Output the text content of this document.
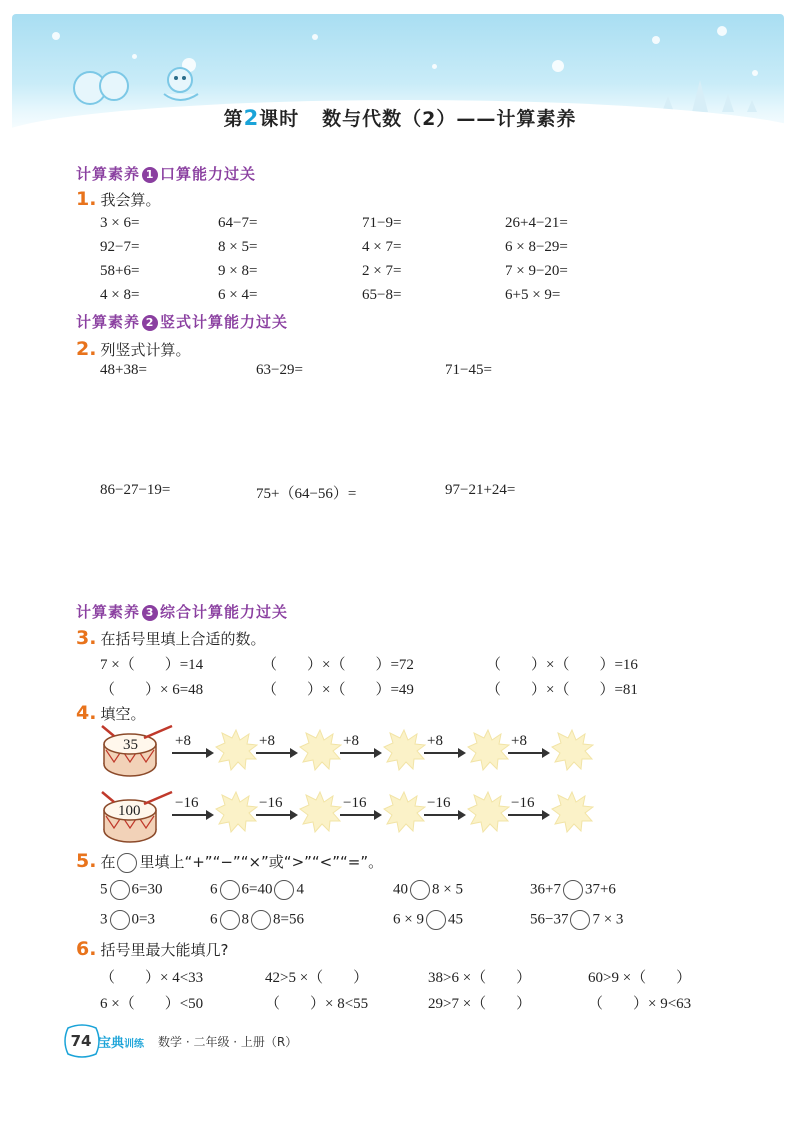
第2课时 数与代数（2）——计算素养
计算素养 1 口算能力过关
1. 我会算。
3 × 6=	64−7=	71−9=	26+4−21=
92−7=	8 × 5=	4 × 7=	6 × 8−29=
58+6=	9 × 8=	2 × 7=	7 × 9−20=
4 × 8=	6 × 4=	65−8=	6+5 × 9=
计算素养 2 竖式计算能力过关
2. 列竖式计算。
48+38=	63−29=	71−45=
86−27−19=	75+（64−56）=	97−21+24=
计算素养 3 综合计算能力过关
3. 在括号里填上合适的数。
7 ×（　　）=14	（　　）×（　　）=72	（　　）×（　　）=16
（　　）× 6=48	（　　）×（　　）=49	（　　）×（　　）=81
4. 填空。
35 +8	+8	+8	+8	+8
100 −16	−16	−16	−16	−16
5. 在 里填上“+”“−”“×”或“>”“<”“=”。
5 6=30	6 6=40 4	40 8 × 5	36+7 37+6
3 0=3	6 8 8=56	6 × 9 45	56−37 7 × 3
6. 括号里最大能填几?
（　　）× 4<33	42>5 ×（　　）	38>6 ×（　　）	60>9 ×（　　）
6 ×（　　）<50	（　　）× 8<55	29>7 ×（　　）	（　　）× 9<63
74 宝典训练 数学 · 二年级 · 上册（R）
